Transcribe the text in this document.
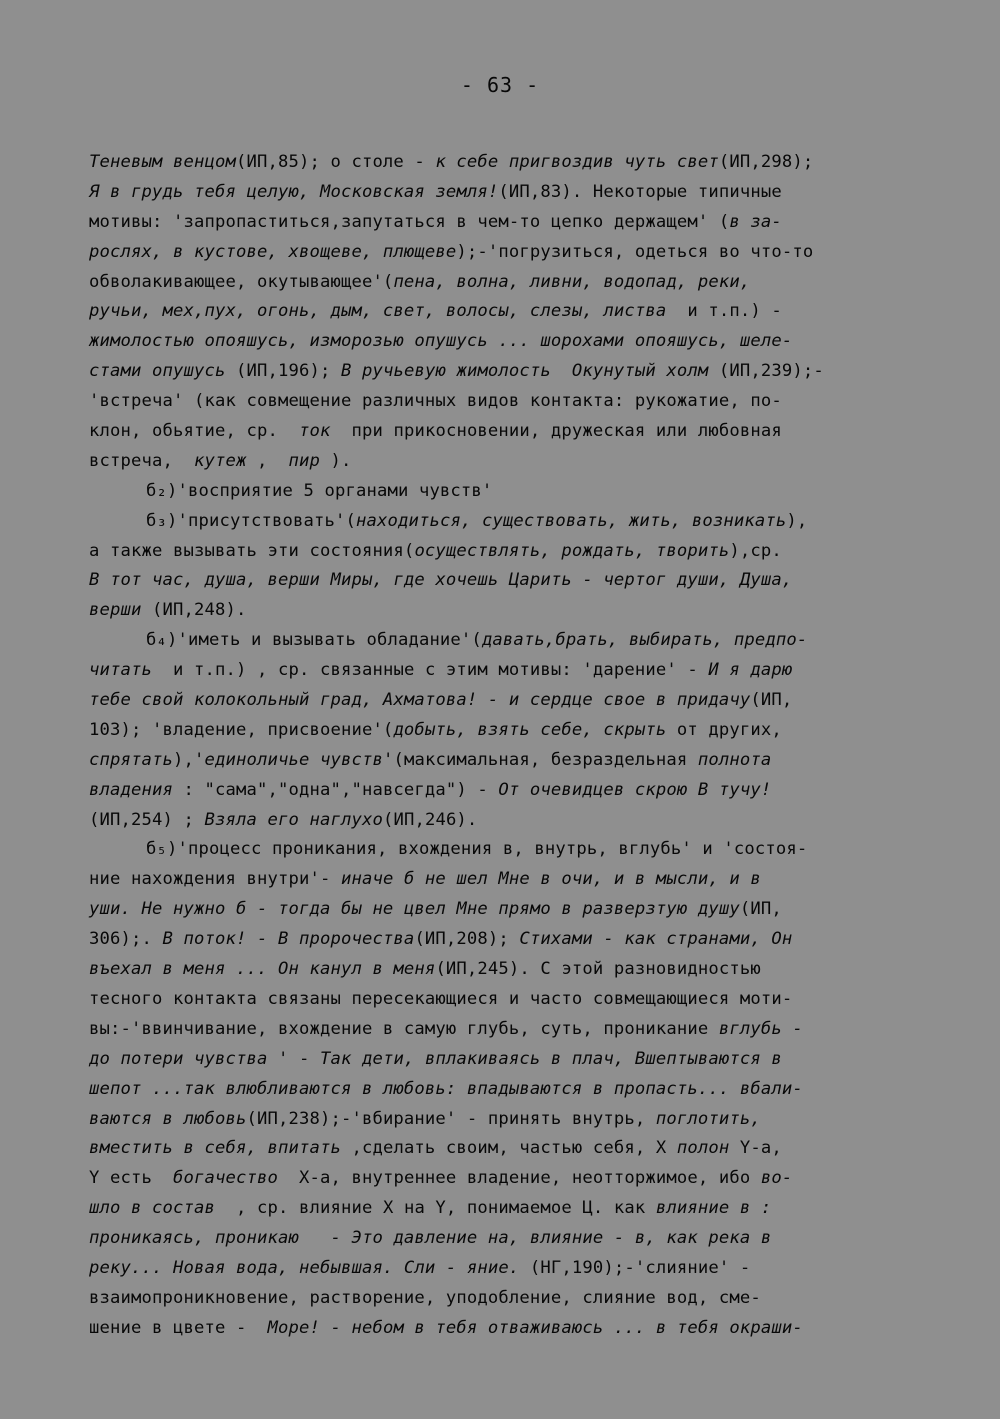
- 63 -
Теневым венцом(ИП,85); о столе - к себе пригвоздив чуть свет(ИП,298);
Я в грудь тебя целую, Московская земля!(ИП,83). Некоторые типичные
мотивы: 'запропаститься,запутаться в чем-то цепко держащем' (в за-
рослях, в кустове, хвощеве, плющеве);-'погрузиться, одеться во что-то
обволакивающее, окутывающее'(пена, волна, ливни, водопад, реки,
ручьи, мех,пух, огонь, дым, свет, волосы, слезы, листва  и т.п.) -
жимолостью опояшусь, изморозью опушусь ... шорохами опояшусь, шеле-
стами опушусь (ИП,196); В ручьевую жимолость  Окунутый холм (ИП,239);-
'встреча' (как совмещение различных видов контакта: рукожатие, по-
клон, обьятие, ср.  ток  при прикосновении, дружеская или любовная
встреча,  кутеж ,  пир ).
б₂)'восприятие 5 органами чувств'
б₃)'присутствовать'(находиться, существовать, жить, возникать),
а также вызывать эти состояния(осуществлять, рождать, творить),ср.
В тот час, душа, верши Миры, где хочешь Царить - чертог души, Душа,
верши (ИП,248).
б₄)'иметь и вызывать обладание'(давать,брать, выбирать, предпо-
читать  и т.п.) , ср. связанные с этим мотивы: 'дарение' - И я дарю
тебе свой колокольный град, Ахматова! - и сердце свое в придачу(ИП,
103); 'владение, присвоение'(добыть, взять себе, скрыть от других,
спрятать),'единоличье чувств'(максимальная, безраздельная полнота
владения : "сама","одна","навсегда") - От очевидцев скрою В тучу!
(ИП,254) ; Взяла его наглухо(ИП,246).
б₅)'процесс проникания, вхождения в, внутрь, вглубь' и 'состоя-
ние нахождения внутри'- иначе б не шел Мне в очи, и в мысли, и в
уши. Не нужно б - тогда бы не цвел Мне прямо в разверзтую душу(ИП,
306);. В поток! - В пророчества(ИП,208); Стихами - как странами, Он
въехал в меня ... Он канул в меня(ИП,245). С этой разновидностью
тесного контакта связаны пересекающиеся и часто совмещающиеся моти-
вы:-'ввинчивание, вхождение в самую глубь, суть, проникание вглубь -
до потери чувства ' - Так дети, вплакиваясь в плач, Вшептываются в
шепот ...так влюбливаются в любовь: впадываются в пропасть... вбали-
ваются в любовь(ИП,238);-'вбирание' - принять внутрь, поглотить,
вместить в себя, впитать ,сделать своим, частью себя, X полон Y-а,
Y есть  богачество  X-а, внутреннее владение, неотторжимое, ибо во-
шло в состав  , ср. влияние X на Y, понимаемое Ц. как влияние в :
проникаясь, проникаю   - Это давление на, влияние - в, как река в
реку... Новая вода, небывшая. Сли - яние. (НГ,190);-'слияние' -
взаимопроникновение, растворение, уподобление, слияние вод, сме-
шение в цвете -  Море! - небом в тебя отваживаюсь ... в тебя окраши-
